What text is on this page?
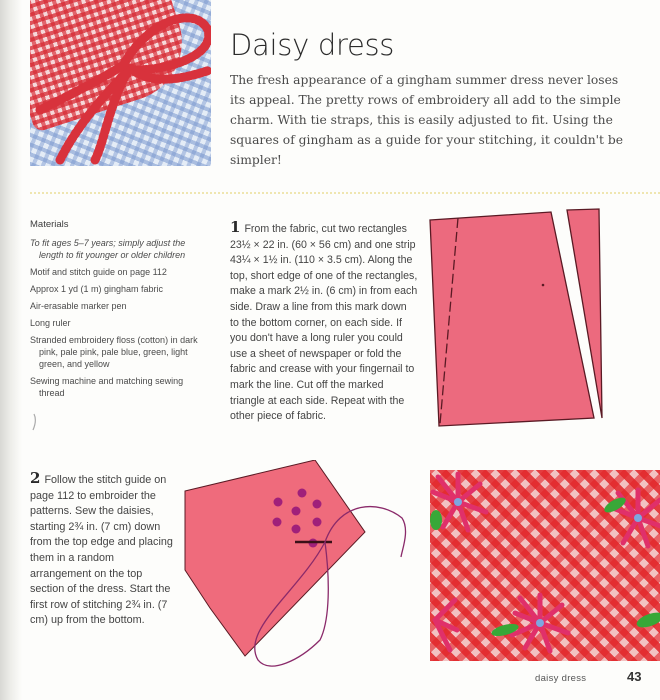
Daisy dress

The fresh appearance of a gingham summer dress never loses its appeal. The pretty rows of embroidery all add to the simple charm. With tie straps, this is easily adjusted to fit. Using the squares of gingham as a guide for your stitching, it couldn't be simpler!

Materials

To fit ages 5–7 years; simply adjust the length to fit younger or older children

Motif and stitch guide on page 112

Approx 1 yd (1 m) gingham fabric

Air-erasable marker pen

Long ruler

Stranded embroidery floss (cotton) in dark pink, pale pink, pale blue, green, light green, and yellow

Sewing machine and matching sewing thread

1 From the fabric, cut two rectangles 23½ × 22 in. (60 × 56 cm) and one strip 43¼ × 1½ in. (110 × 3.5 cm). Along the top, short edge of one of the rectangles, make a mark 2½ in. (6 cm) in from each side. Draw a line from this mark down to the bottom corner, on each side. If you don't have a long ruler you could use a sheet of newspaper or fold the fabric and crease with your fingernail to mark the line. Cut off the marked triangle at each side. Repeat with the other piece of fabric.
2 Follow the stitch guide on page 112 to embroider the patterns. Sew the daisies, starting 2¾ in. (7 cm) down from the top edge and placing them in a random arrangement on the top section of the dress. Start the first row of stitching 2¾ in. (7 cm) up from the bottom.
daisy dress	43
